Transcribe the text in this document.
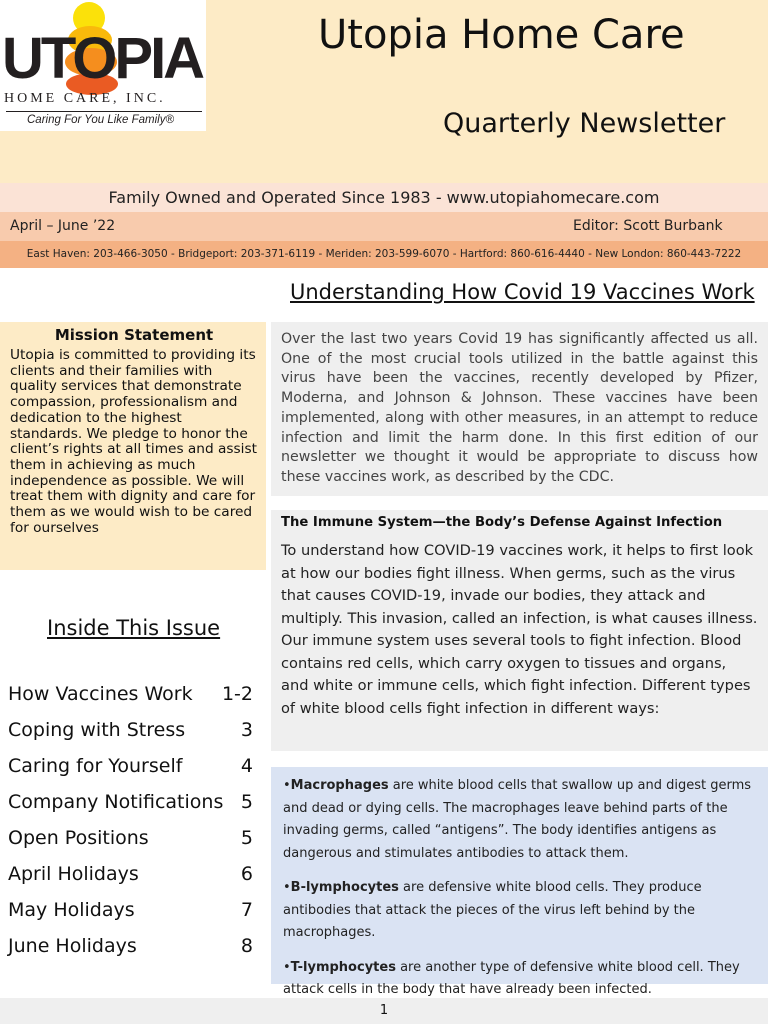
UTOPIA
HOME CARE, INC.
Caring For You Like Family®
Utopia Home Care
Quarterly Newsletter
Family Owned and Operated Since 1983 - www.utopiahomecare.com
April – June ’22	Editor: Scott Burbank
East Haven: 203-466-3050 - Bridgeport: 203-371-6119 - Meriden: 203-599-6070 - Hartford: 860-616-4440 - New London: 860-443-7222
Understanding How Covid 19 Vaccines Work
Mission Statement
Utopia is committed to providing its clients and their families with quality services that demonstrate compassion, professionalism and dedication to the highest standards. We pledge to honor the client’s rights at all times and assist them in achieving as much independence as possible. We will treat them with dignity and care for them as we would wish to be cared for ourselves
Inside This Issue
How Vaccines Work 1-2
Coping with Stress	3
Caring for Yourself	4
Company Notifications 5
Open Positions	5
April Holidays	6
May Holidays	7
June Holidays	8
Over the last two years Covid 19 has significantly affected us all. One of the most crucial tools utilized in the battle against this virus have been the vaccines, recently developed by Pfizer, Moderna, and Johnson & Johnson. These vaccines have been implemented, along with other measures, in an attempt to reduce infection and limit the harm done. In this first edition of our newsletter we thought it would be appropriate to discuss how these vaccines work, as described by the CDC.
The Immune System—the Body’s Defense Against Infection
To understand how COVID-19 vaccines work, it helps to first look at how our bodies fight illness. When germs, such as the virus that causes COVID-19, invade our bodies, they attack and multiply. This invasion, called an infection, is what causes illness. Our immune system uses several tools to fight infection. Blood contains red cells, which carry oxygen to tissues and organs, and white or immune cells, which fight infection. Different types of white blood cells fight infection in different ways:

•Macrophages are white blood cells that swallow up and digest germs and dead or dying cells. The macrophages leave behind parts of the invading germs, called “antigens”. The body identifies antigens as dangerous and stimulates antibodies to attack them.

•B-lymphocytes are defensive white blood cells. They produce antibodies that attack the pieces of the virus left behind by the macrophages.

•T-lymphocytes are another type of defensive white blood cell. They attack cells in the body that have already been infected.

1
